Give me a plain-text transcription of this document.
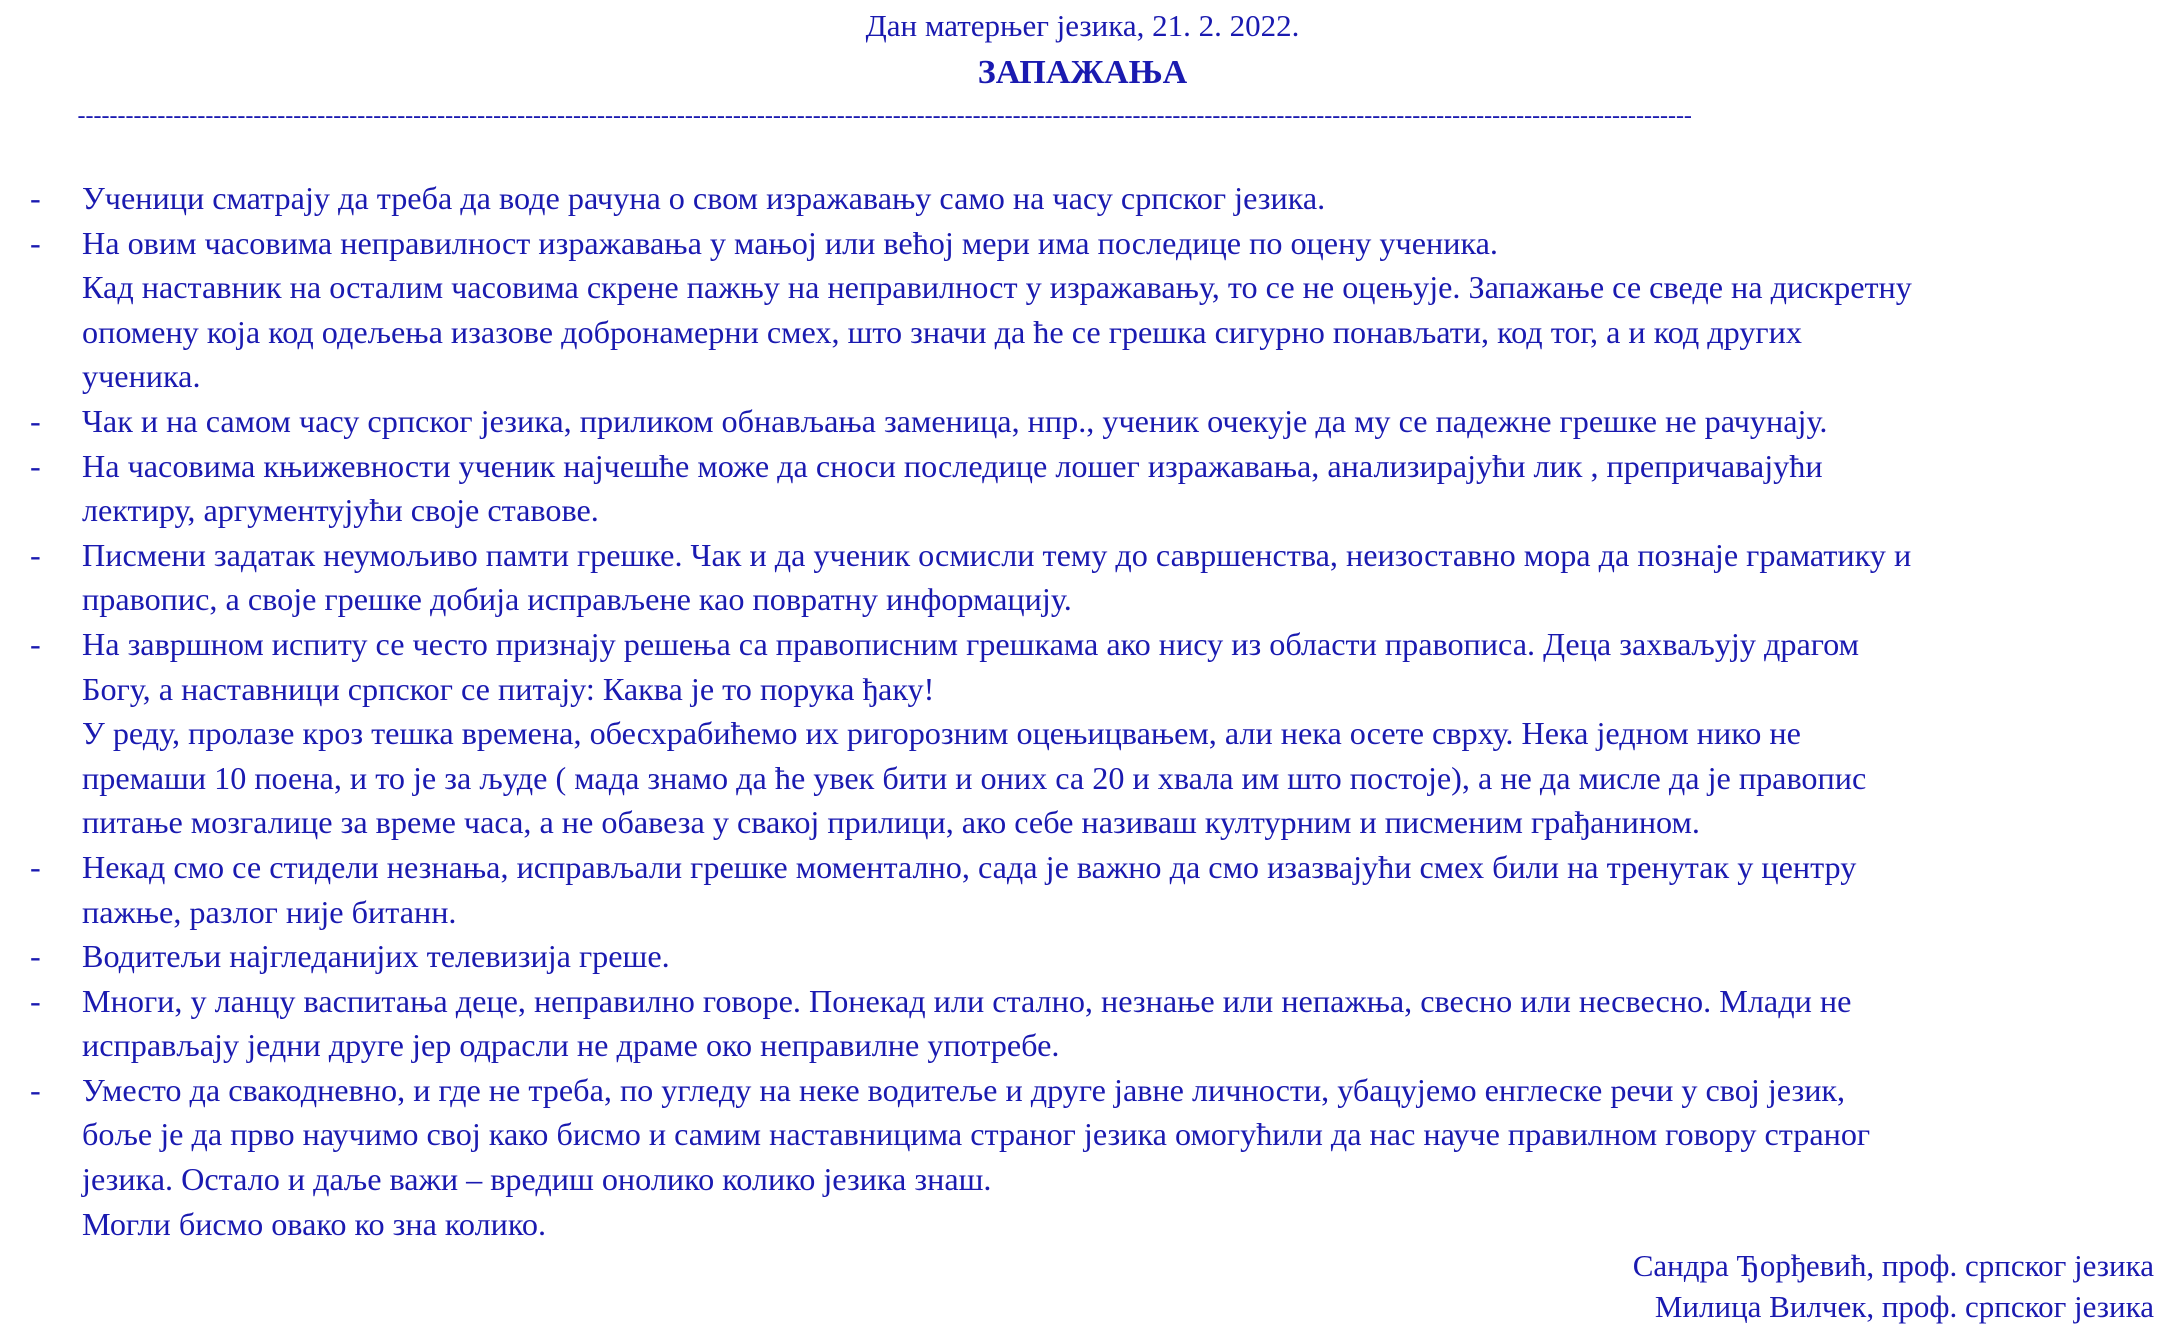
Дан матерњег језика, 21. 2. 2022.
ЗАПАЖАЊА
----------------------------------------------------------------------------------------------------------------------------------------------------------------------------------------------------------
- Ученици сматрају да треба да воде рачуна о свом изражавању само на часу српског језика.
- На овим часовима неправилност изражавања у мањој или већој мери има последице по оцену ученика.
Кад наставник на осталим часовима скрене пажњу на неправилност у изражавању, то се не оцењује. Запажање се сведе на дискретну
опомену која код одељења изазове добронамерни смех, што значи да ће се грешка сигурно понављати, код тог, а и код других
ученика.
- Чак и на самом часу српског језика, приликом обнављања заменица, нпр., ученик очекује да му се падежне грешке не рачунају.
- На часовима књижевности ученик најчешће може да сноси последице лошег изражавања, анализирајући лик , препричавајући
лектиру, аргументујући своје ставове.
- Писмени задатак неумољиво памти грешке. Чак и да ученик осмисли тему до савршенства, неизоставно мора да познаје граматику и
правопис, а своје грешке добија исправљене као повратну информацију.
- На завршном испиту се често признају решења са правописним грешкама ако нису из области правописа. Деца захваљују драгом
Богу, а наставници српског се питају: Каква је то порука ђаку!
У реду, пролазе кроз тешка времена, обесхрабићемо их ригорозним оцењицвањем, али нека осете сврху. Нека једном нико не
премаши 10 поена, и то је за људе ( мада знамо да ће увек бити и оних са 20 и хвала им што постоје), а не да мисле да је правопис
питање мозгалице за време часа, а не обавеза у свакој прилици, ако себе називаш културним и писменим грађанином.
- Некад смо се стидели незнања, исправљали грешке моментално, сада је важно да смо изазвајући смех били на тренутак у центру
пажње, разлог није битанн.
- Водитељи најгледанијих телевизија греше.
- Многи, у ланцу васпитања деце, неправилно говоре. Понекад или стално, незнање или непажња, свесно или несвесно. Млади не
исправљају једни друге јер одрасли не драме око неправилне употребе.
- Уместо да свакодневно, и где не треба, по угледу на неке водитеље и друге јавне личности, убацујемо енглеске речи у свој језик,
боље је да прво научимо свој како бисмо и самим наставницима страног језика омогућили да нас науче правилном говору страног
језика. Остало и даље важи – вредиш онолико колико језика знаш.
Могли бисмо овако ко зна колико.
Сандра Ђорђевић, проф. српског језика
Милица Вилчек, проф. српског језика
